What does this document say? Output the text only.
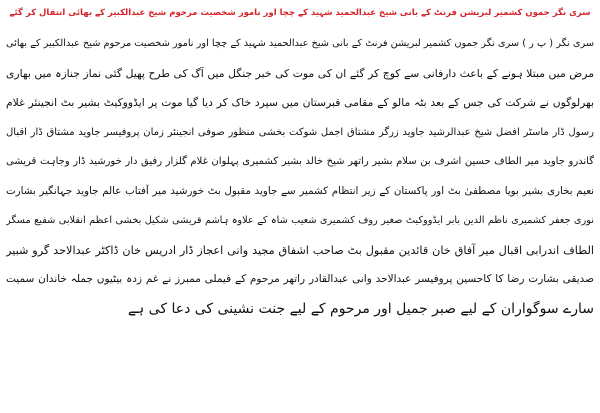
سری نگر جموں کشمیر لبریشن فرنٹ کے بانی شیخ عبدالحمید شہید کے چچا اور نامور شخصیت مرحوم شیخ عبدالکبیر کے بھائی انتقال کر گئے
سری نگر ( پ ر ) سری نگر جموں کشمیر لبریشن فرنٹ کے بانی شیخ عبدالحمید شہید کے چچا اور نامور شخصیت مرحوم شیخ عبدالکبیر کے بھائی
مرض میں مبتلا ہونے کے باعث دارفانی سے کوچ کر گئے ان کی موت کی خبر جنگل میں آگ کی طرح پھیل گئی نماز جنازہ میں بھاری
بھرلوگوں نے شرکت کی جس کے بعد بٹہ مالو کے مقامی قبرستان میں سپرد خاک کر دیا گیا موت پر ایڈووکیٹ بشیر بٹ انجینئر غلام
رسول ڈار ماسٹر افضل شیخ عبدالرشید جاوید زرگر مشتاق اجمل شوکت بخشی منظور صوفی انجینئر زمان پروفیسر جاوید مشتاق ڈار اقبال
گاندرو جاوید میر الطاف حسین اشرف بن سلام بشیر راتھر شیخ خالد بشیر کشمیری پہلوان غلام گلزار رفیق دار خورشید ڈار وجاہت قریشی
نعیم بخاری بشیر بویا مصطفیٰ بٹ اور پاکستان کے زیر انتظام کشمیر سے جاوید مقبول بٹ خورشید میر آفتاب عالم جاوید جہانگیر بشارت
نوری جعفر کشمیری ناظم الدین بابر ایڈووکیٹ صغیر روف کشمیری شعیب شاہ کے علاوہ ہاشم قریشی شکیل بخشی اعظم انقلابی شفیع مسگر
الطاف اندرابی اقبال میر آفاق خان قائدین مقبول بٹ صاحب اشفاق مجید وانی اعجاز ڈار ادریس خان ڈاکٹر عبدالاحد گرو شبیر
صدیقی بشارت رضا کا کاحسین پروفیسر عبدالاحد وانی عبدالقادر راتھر مرحوم کے فیملی ممبرز نے غم زدہ بیٹیوں جملہ خاندان سمیت
سارے سوگواران کے لیے صبر جمیل اور مرحوم کے لیے جنت نشینی کی دعا کی ہے
